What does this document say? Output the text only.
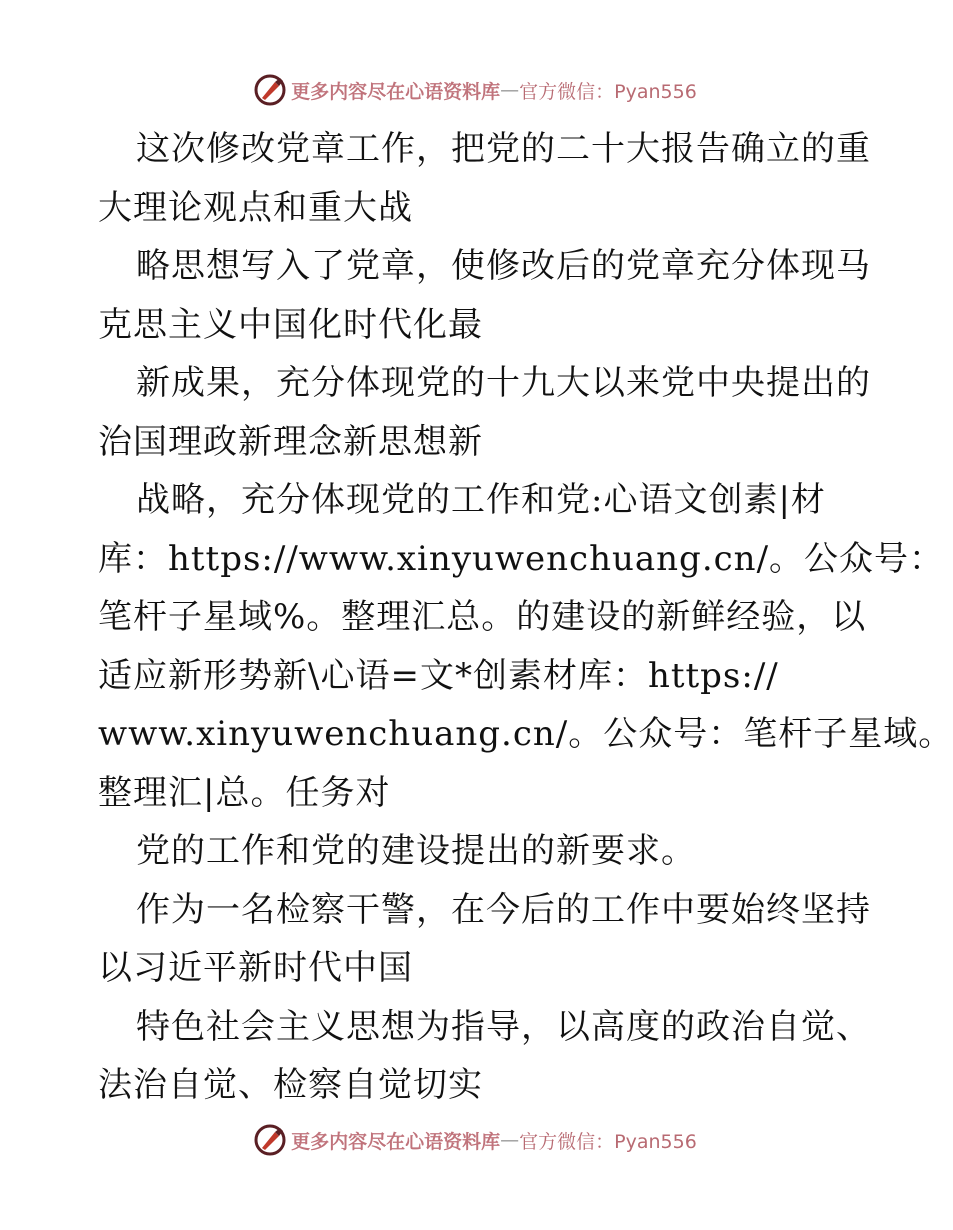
更多内容尽在心语资料库 — 官方微信：Pyan556
这次修改党章工作，把党的二十大报告确立的重
大理论观点和重大战
略思想写入了党章，使修改后的党章充分体现马
克思主义中国化时代化最
新成果，充分体现党的十九大以来党中央提出的
治国理政新理念新思想新
战略，充分体现党的工作和党:心语文创素|材
库：https://www.xinyuwenchuang.cn/。公众号：
笔杆子星域%。整理汇总。的建设的新鲜经验，以
适应新形势新\心语=文*创素材库：https://
www.xinyuwenchuang.cn/。公众号：笔杆子星域。
整理汇|总。任务对
党的工作和党的建设提出的新要求。
作为一名检察干警，在今后的工作中要始终坚持
以习近平新时代中国
特色社会主义思想为指导，以高度的政治自觉、
法治自觉、检察自觉切实
更多内容尽在心语资料库 — 官方微信：Pyan556
